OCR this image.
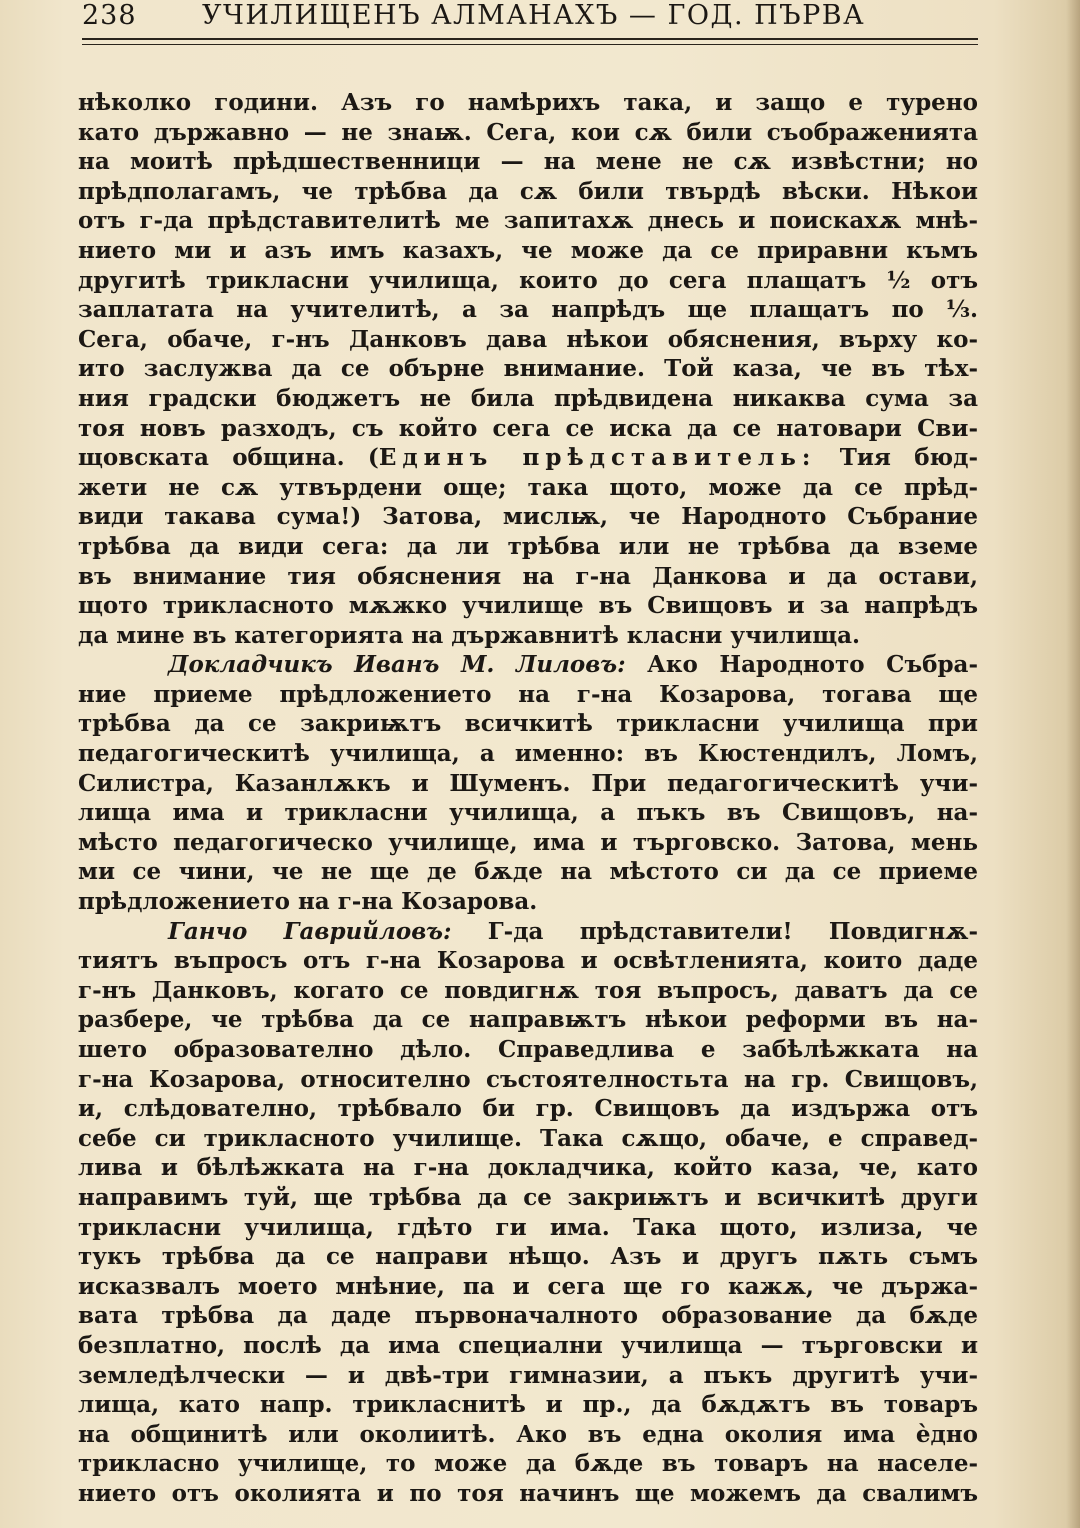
238 УЧИЛИЩЕНЪ АЛМАНАХЪ — ГОД. ПЪРВА
нѣколко години. Азъ го намѣрихъ така, и защо е турено
като държавно — не знаѭ. Сега, кои сѫ били съображенията
на моитѣ прѣдшественници — на мене не сѫ извѣстни; но
прѣдполагамъ, че трѣбва да сѫ били твърдѣ вѣски. Нѣкои
отъ г-да прѣдставителитѣ ме запитахѫ днесь и поискахѫ мнѣ-
нието ми и азъ имъ казахъ, че може да се приравни къмъ
другитѣ трикласни училища, които до сега плащатъ ½ отъ
заплатата на учителитѣ, а за напрѣдъ ще плащатъ по ⅓.
Сега, обаче, г-нъ Данковъ дава нѣкои обяснения, върху ко-
ито заслужва да се обърне внимание. Той каза, че въ тѣх-
ния градски бюджетъ не била прѣдвидена никаква сума за
тоя новъ разходъ, съ който сега се иска да се натовари Сви-
щовската община. (Единъ прѣдставитель: Тия бюд-
жети не сѫ утвърдени още; така щото, може да се прѣд-
види такава сума!) Затова, мислѭ, че Народното Събрание
трѣбва да види сега: да ли трѣбва или не трѣбва да вземе
въ внимание тия обяснения на г-на Данкова и да остави,
щото трикласното мѫжко училище въ Свищовъ и за напрѣдъ
да мине въ категорията на държавнитѣ класни училища.
Докладчикъ Иванъ М. Лиловъ: Ако Народното Събра-
ние приеме прѣдложението на г-на Козарова, тогава ще
трѣбва да се закриѭтъ всичкитѣ трикласни училища при
педагогическитѣ училища, а именно: въ Кюстендилъ, Ломъ,
Силистра, Казанлѫкъ и Шуменъ. При педагогическитѣ учи-
лища има и трикласни училища, а пъкъ въ Свищовъ, на-
мѣсто педагогическо училище, има и търговско. Затова, мень
ми се чини, че не ще де бѫде на мѣстото си да се приеме
прѣдложението на г-на Козарова.
Ганчо Гаврийловъ: Г-да прѣдставители! Повдигнѫ-
тиятъ въпросъ отъ г-на Козарова и освѣтленията, които даде
г-нъ Данковъ, когато се повдигнѫ тоя въпросъ, даватъ да се
разбере, че трѣбва да се направѭтъ нѣкои реформи въ на-
шето образователно дѣло. Справедлива е забѣлѣжката на
г-на Козарова, относително състоятелностьта на гр. Свищовъ,
и, слѣдователно, трѣбвало би гр. Свищовъ да издържа отъ
себе си трикласното училище. Така сѫщо, обаче, е справед-
лива и бѣлѣжката на г-на докладчика, който каза, че, като
направимъ туй, ще трѣбва да се закриѭтъ и всичкитѣ други
трикласни училища, гдѣто ги има. Така щото, излиза, че
тукъ трѣбва да се направи нѣщо. Азъ и другъ пѫть съмъ
исказвалъ моето мнѣние, па и сега ще го кажѫ, че държа-
вата трѣбва да даде първоначалното образование да бѫде
безплатно, послѣ да има специални училища — търговски и
земледѣлчески — и двѣ-три гимназии, а пъкъ другитѣ учи-
лища, като напр. трикласнитѣ и пр., да бѫдѫтъ въ товаръ
на общинитѣ или околиитѣ. Ако въ една околия има ѐдно
трикласно училище, то може да бѫде въ товаръ на населе-
нието отъ околията и по тоя начинъ ще можемъ да свалимъ
